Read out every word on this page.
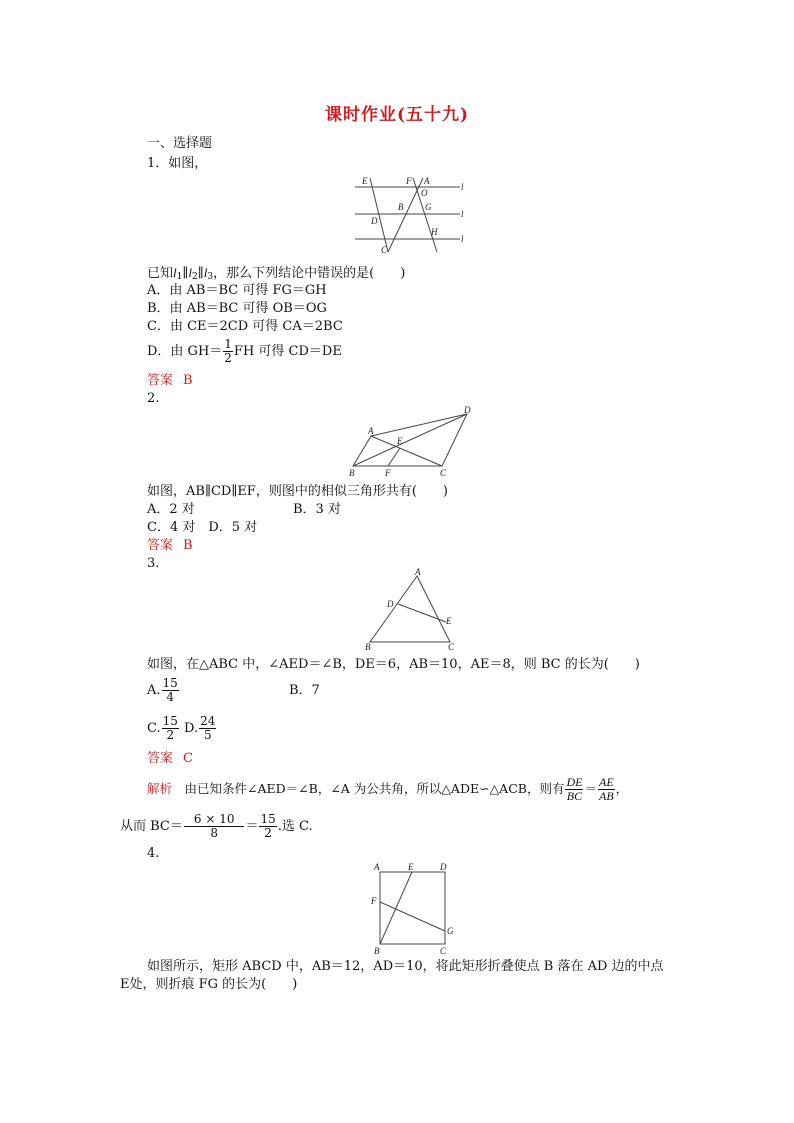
课时作业(五十九)
一、选择题
1．如图，
E	F A
O
B G
D
H
C
l
l
l
已知$l_1\parallel l_2\parallel l_3$，那么下列结论中错误的是(　　)
A．由 AB＝BC 可得 FG＝GH
B．由 AB＝BC 可得 OB＝OG
C．由 CE＝2CD 可得 CA＝2BC
D．由 $GH= \frac{1}{2}$ FH 可得 CD＝DE
答案 B
2.
D
A
E
B	F	C
如图，AB∥CD∥EF，则图中的相似三角形共有(　　)
A．2 对	B．3 对
C．4 对　 D．5 对
答案 B
3.
A
D
E
B	C
如图，在△ABC 中，∠AED＝∠B，DE＝6，AB＝10，AE＝8，则 BC 的长为(　　)
A. $\frac{15}{4}$	B．7
C. $\frac{15}{2} D$. $\frac{24}{5}$
答案 C
解析　 由已知条件∠AED＝∠B，∠A 为公共角，所以△ADE∽△ACB，则有 $\frac{DE}{BC} = \frac{AE}{AB}$ ，
从而 $BC= \frac{6 \times 10}{8} = \frac{15}{2}$ .选 C.
4.
A	E	D
F
G
B	C
如图所示，矩形 ABCD 中，AB＝12，AD＝10，将此矩形折叠使点 B 落在 AD 边的中点
E处，则折痕 FG 的长为(　　)
